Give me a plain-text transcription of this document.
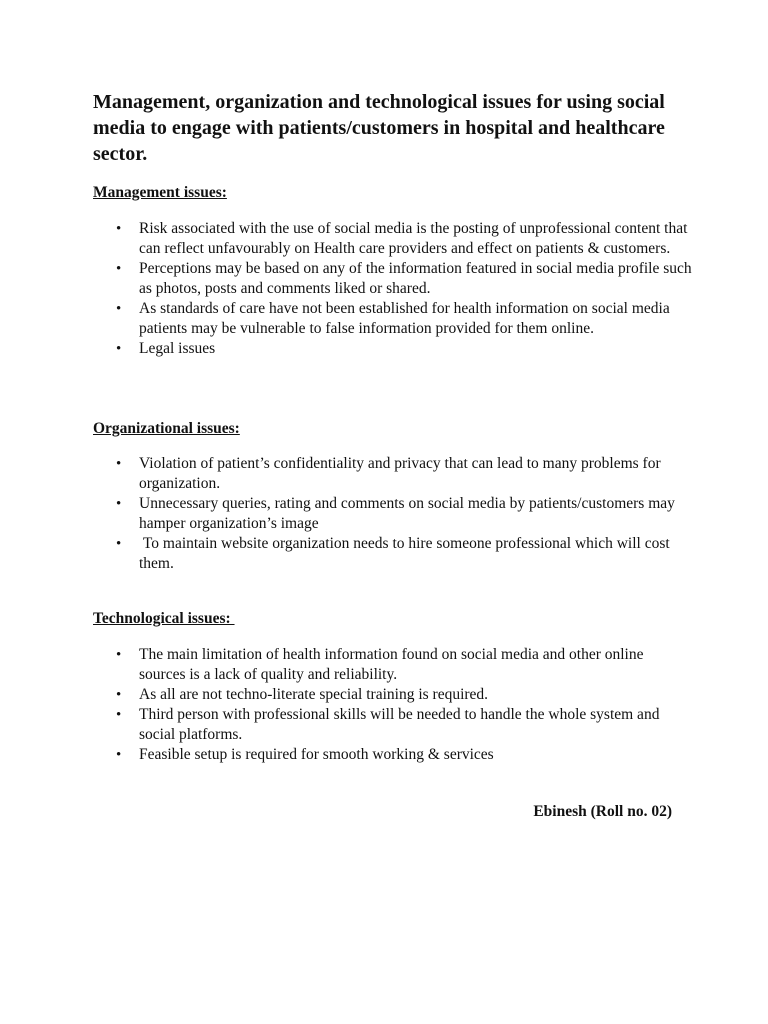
Management, organization and technological issues for using social media to engage with patients/customers in hospital and healthcare sector.

Management issues:

• Risk associated with the use of social media is the posting of unprofessional content that can reflect unfavourably on Health care providers and effect on patients & customers.
• Perceptions may be based on any of the information featured in social media profile such as photos, posts and comments liked or shared.
• As standards of care have not been established for health information on social media patients may be vulnerable to false information provided for them online.
• Legal issues

Organizational issues:

• Violation of patient’s confidentiality and privacy that can lead to many problems for organization.
• Unnecessary queries, rating and comments on social media by patients/customers may hamper organization’s image
• To maintain website organization needs to hire someone professional which will cost them.

Technological issues:

• The main limitation of health information found on social media and other online sources is a lack of quality and reliability.
• As all are not techno-literate special training is required.
• Third person with professional skills will be needed to handle the whole system and social platforms.
• Feasible setup is required for smooth working & services

Ebinesh (Roll no. 02)
